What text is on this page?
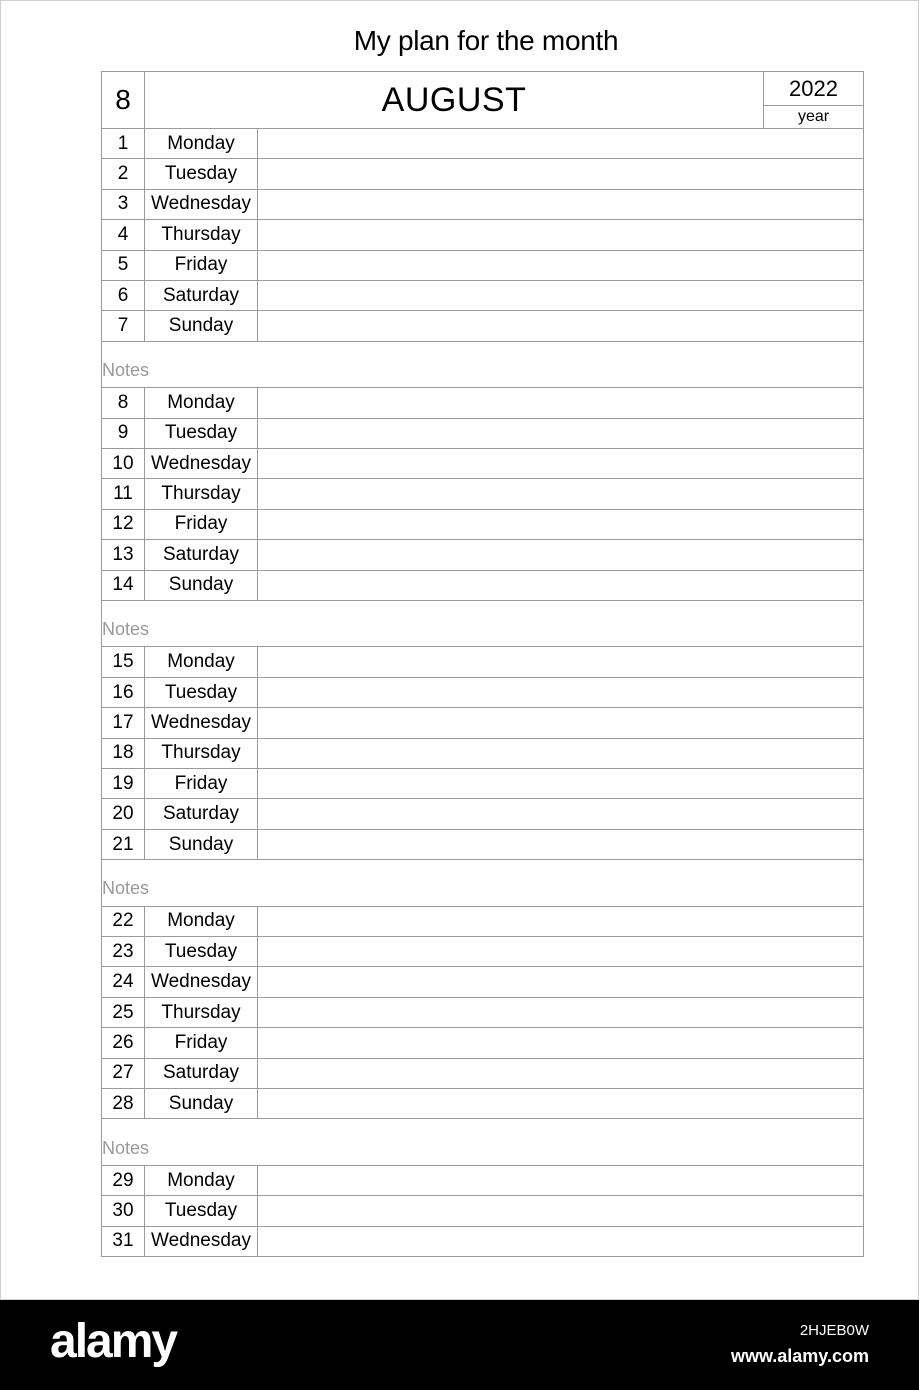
My plan for the month
8	AUGUST		2022
year

1	Monday		
2	Tuesday		
3	Wednesday		
4	Thursday		
5	Friday		
6	Saturday		
7	Sunday		

Notes			

8	Monday		
9	Tuesday		
10	Wednesday		
11	Thursday		
12	Friday		
13	Saturday		
14	Sunday		

Notes			

15	Monday		
16	Tuesday		
17	Wednesday		
18	Thursday		
19	Friday		
20	Saturday		
21	Sunday		

Notes			

22	Monday		
23	Tuesday		
24	Wednesday		
25	Thursday		
26	Friday		
27	Saturday		
28	Sunday		

Notes			

29	Monday		
30	Tuesday		
31	Wednesday		
alamy	2HJEB0W
www.alamy.com
